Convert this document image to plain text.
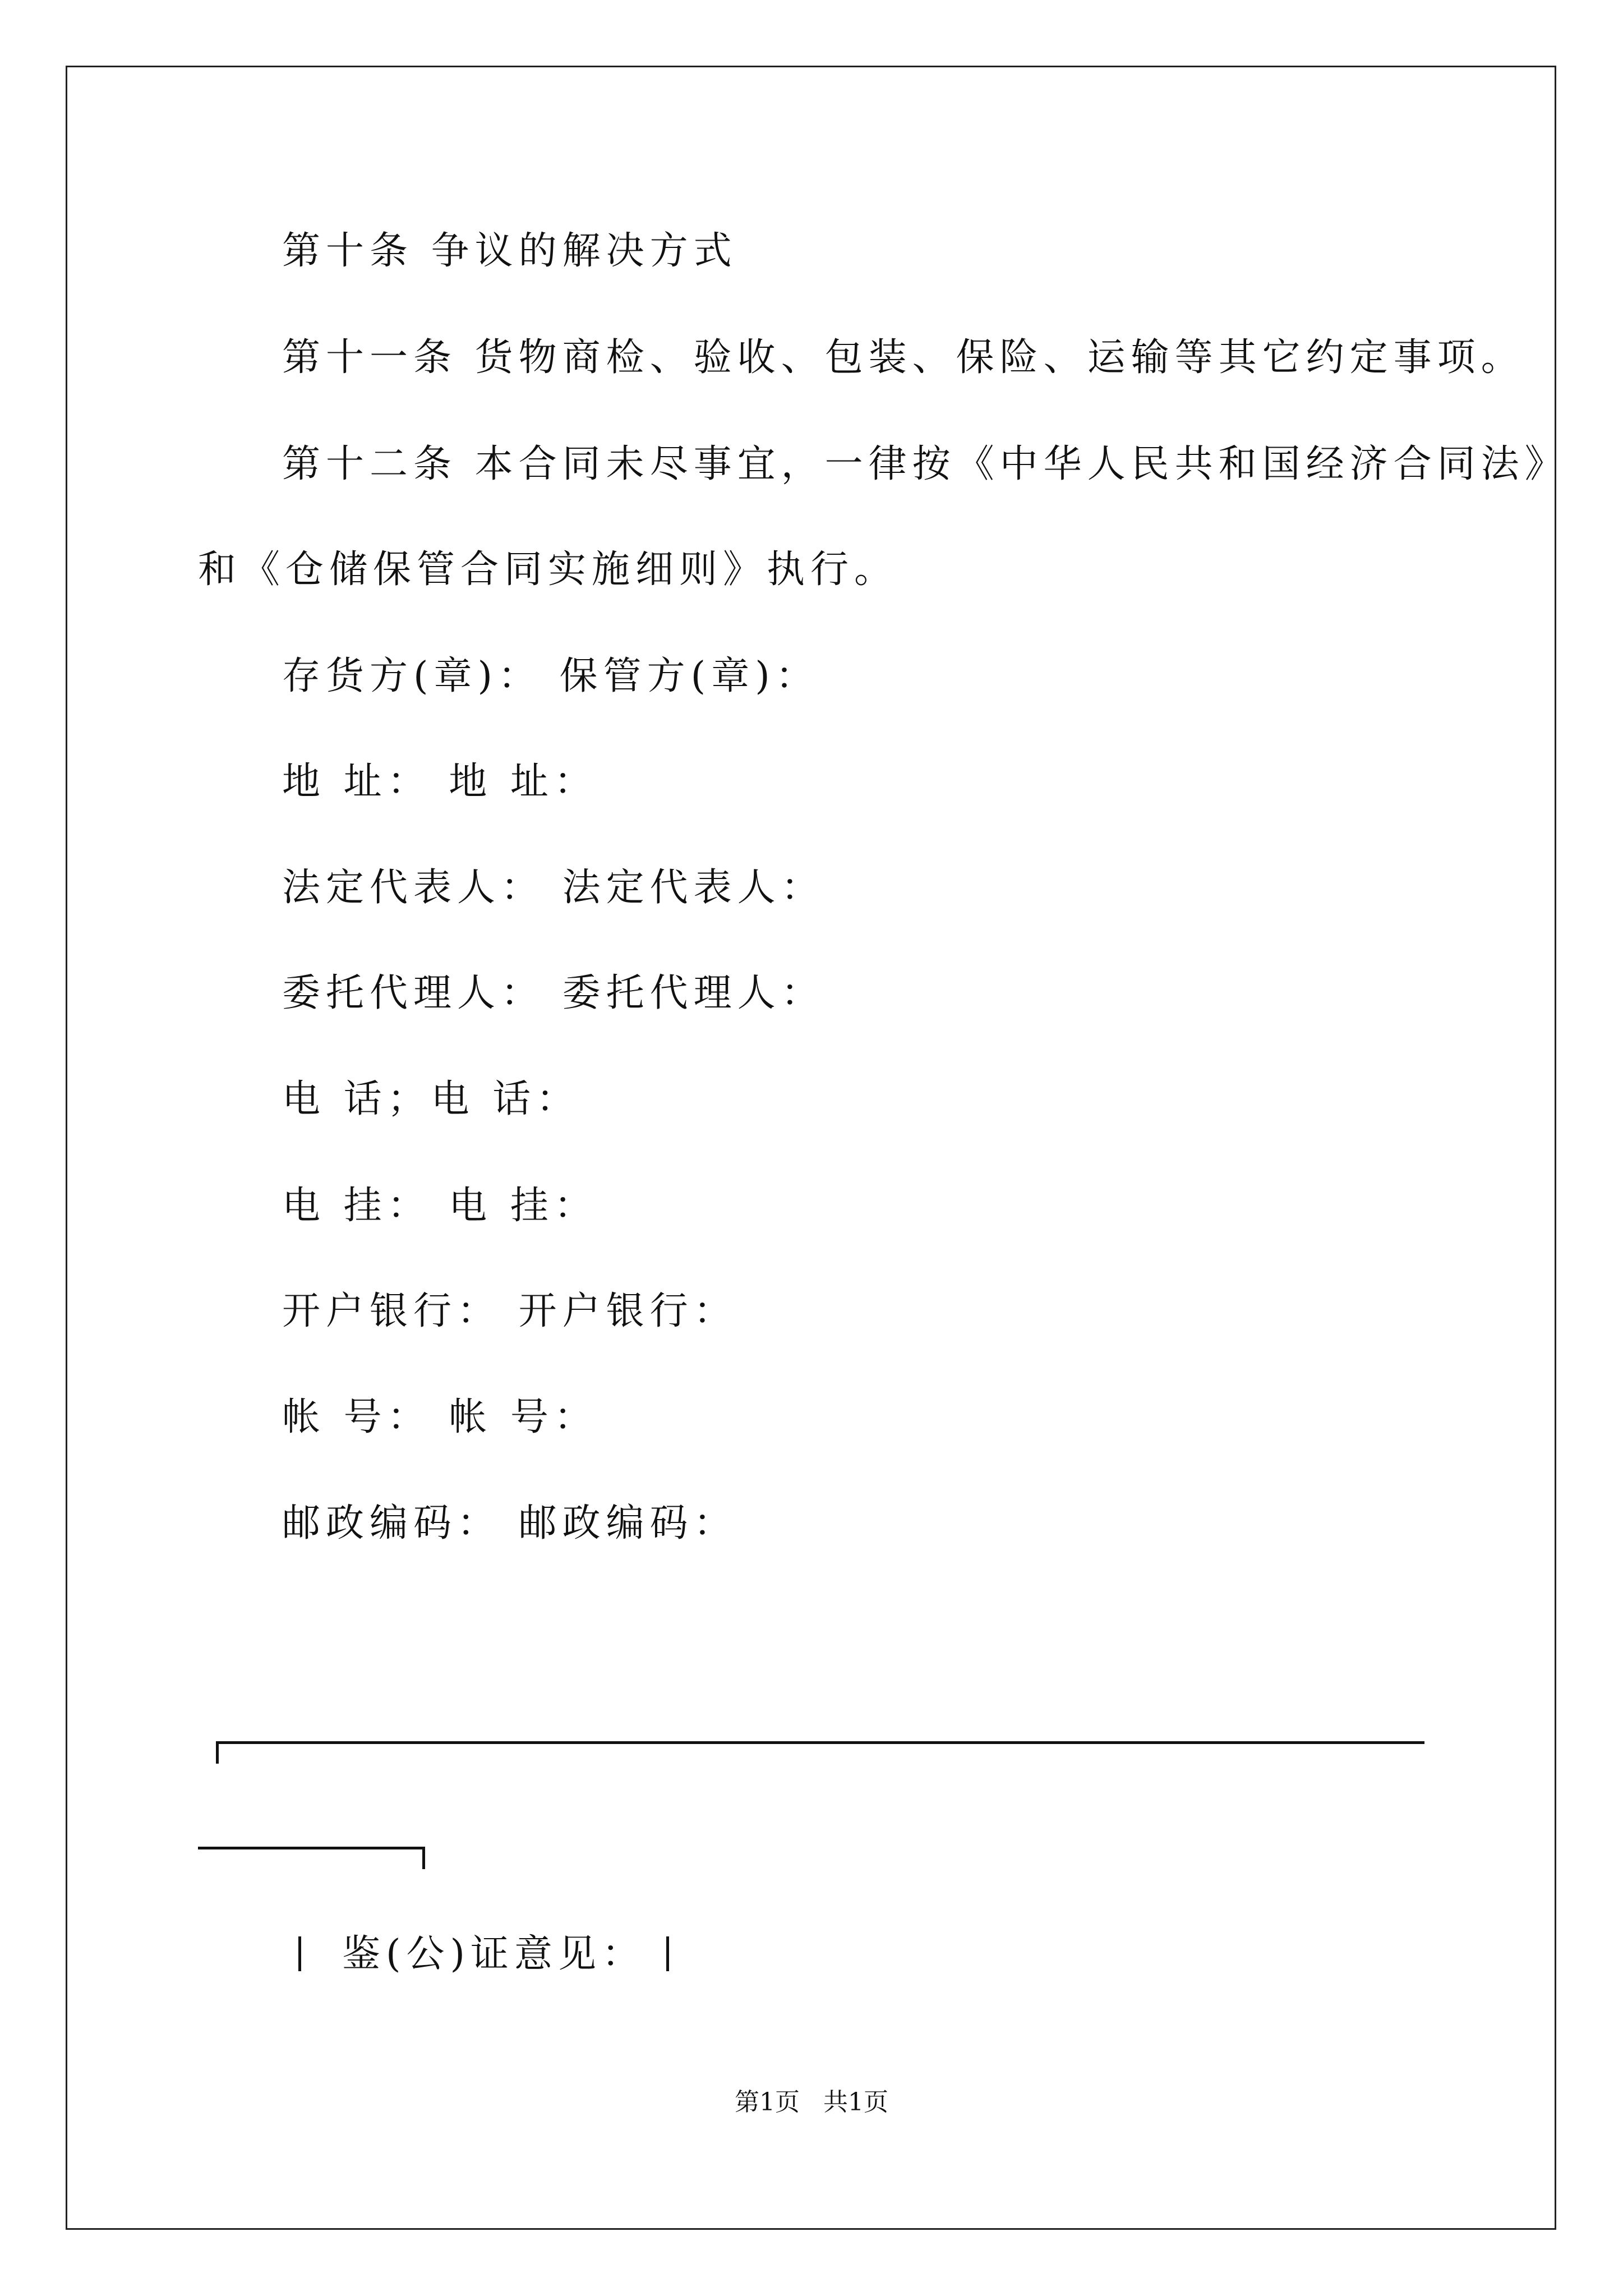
第十条 争议的解决方式
第十一条 货物商检、验收、包装、保险、运输等其它约定事项。
第十二条 本合同未尽事宜，一律按《中华人民共和国经济合同法》
和《仓储保管合同实施细则》执行。
存货方(章)： 保管方(章)：
地 址： 地 址：
法定代表人： 法定代表人：
委托代理人： 委托代理人：
电 话；电 话：
电 挂： 电 挂：
开户银行： 开户银行：
帐 号： 帐 号：
邮政编码： 邮政编码：
鉴(公)证意见：
第1页   共1页
